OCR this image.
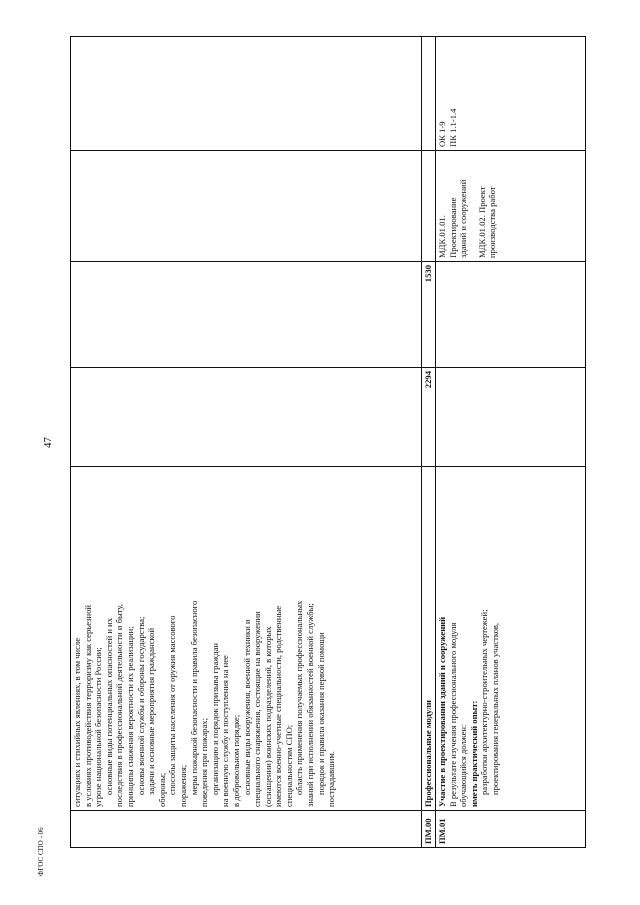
47
ФГОС СПО - 06
ситуациях и стихийных явлениях, в том числе в условиях противодействия терроризму как серьезной угрозе национальной безопасности России; основные виды потенциальных опасностей и их последствия в профессиональной деятельности и быту, принципы снижения вероятности их реализации; основы военной службы и обороны государства; задачи и основные мероприятия гражданской обороны; способы защиты населения от оружия массового поражения; меры пожарной безопасности и правила безопасного поведения при пожарах; организацию и порядок призыва граждан на военную службу и поступления на нее в добровольном порядке; основные виды вооружения, военной техники и специального снаряжения, состоящие на вооружении (оснащении) воинских подразделений, в которых имеются военно-учетные специальности, родственные специальностям СПО; область применения получаемых профессиональных знаний при исполнении обязанностей военной службы; порядок и правила оказания первой помощи пострадавшим.
ПМ.00
Профессиональные модули
2294
1530
ПМ.01
Участие в проектировании зданий и сооружений В результате изучения профессионального модуля обучающийся должен: иметь практический опыт: разработки архитектурно-строительных чертежей; проектирования генеральных планов участков,
МДК.01.01. Проектирование зданий и сооружений МДК.01.02. Проект производства работ
ОК 1-9 ПК 1.1-1.4
